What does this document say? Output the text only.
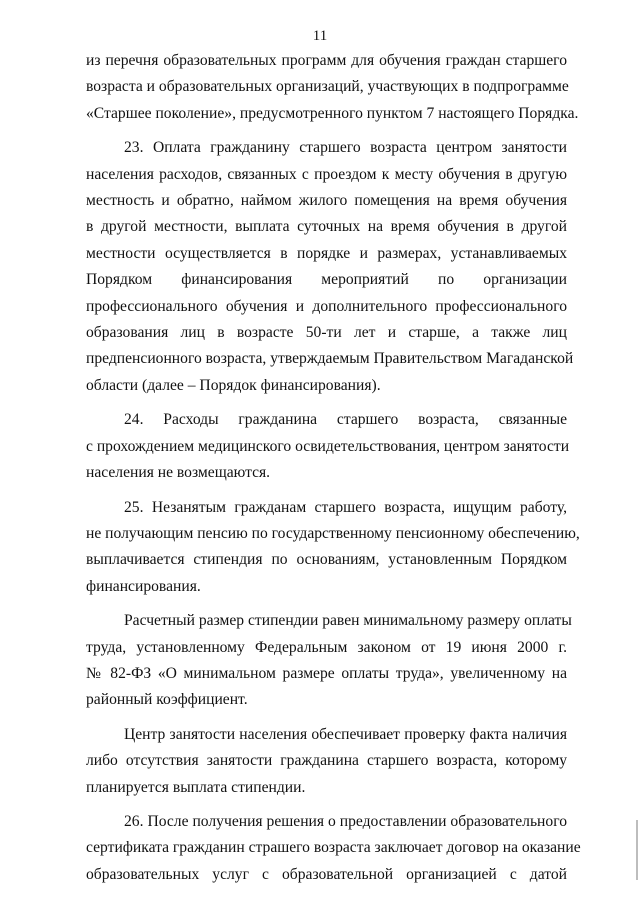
11
из перечня образовательных программ для обучения граждан старшего
возраста и образовательных организаций, участвующих в подпрограмме
«Старшее поколение», предусмотренного пунктом 7 настоящего Порядка.
23. Оплата гражданину старшего возраста центром занятости
населения расходов, связанных с проездом к месту обучения в другую
местность и обратно, наймом жилого помещения на время обучения
в другой местности, выплата суточных на время обучения в другой
местности осуществляется в порядке и размерах, устанавливаемых
Порядком финансирования мероприятий по организации
профессионального обучения и дополнительного профессионального
образования лиц в возрасте 50-ти лет и старше, а также лиц
предпенсионного возраста, утверждаемым Правительством Магаданской
области (далее – Порядок финансирования).
24. Расходы гражданина старшего возраста, связанные
с прохождением медицинского освидетельствования, центром занятости
населения не возмещаются.
25. Незанятым гражданам старшего возраста, ищущим работу,
не получающим пенсию по государственному пенсионному обеспечению,
выплачивается стипендия по основаниям, установленным Порядком
финансирования.
Расчетный размер стипендии равен минимальному размеру оплаты
труда, установленному Федеральным законом от 19 июня 2000 г.
№ 82-ФЗ «О минимальном размере оплаты труда», увеличенному на
районный коэффициент.
Центр занятости населения обеспечивает проверку факта наличия
либо отсутствия занятости гражданина старшего возраста, которому
планируется выплата стипендии.
26. После получения решения о предоставлении образовательного
сертификата гражданин страшего возраста заключает договор на оказание
образовательных услуг с образовательной организацией с датой
